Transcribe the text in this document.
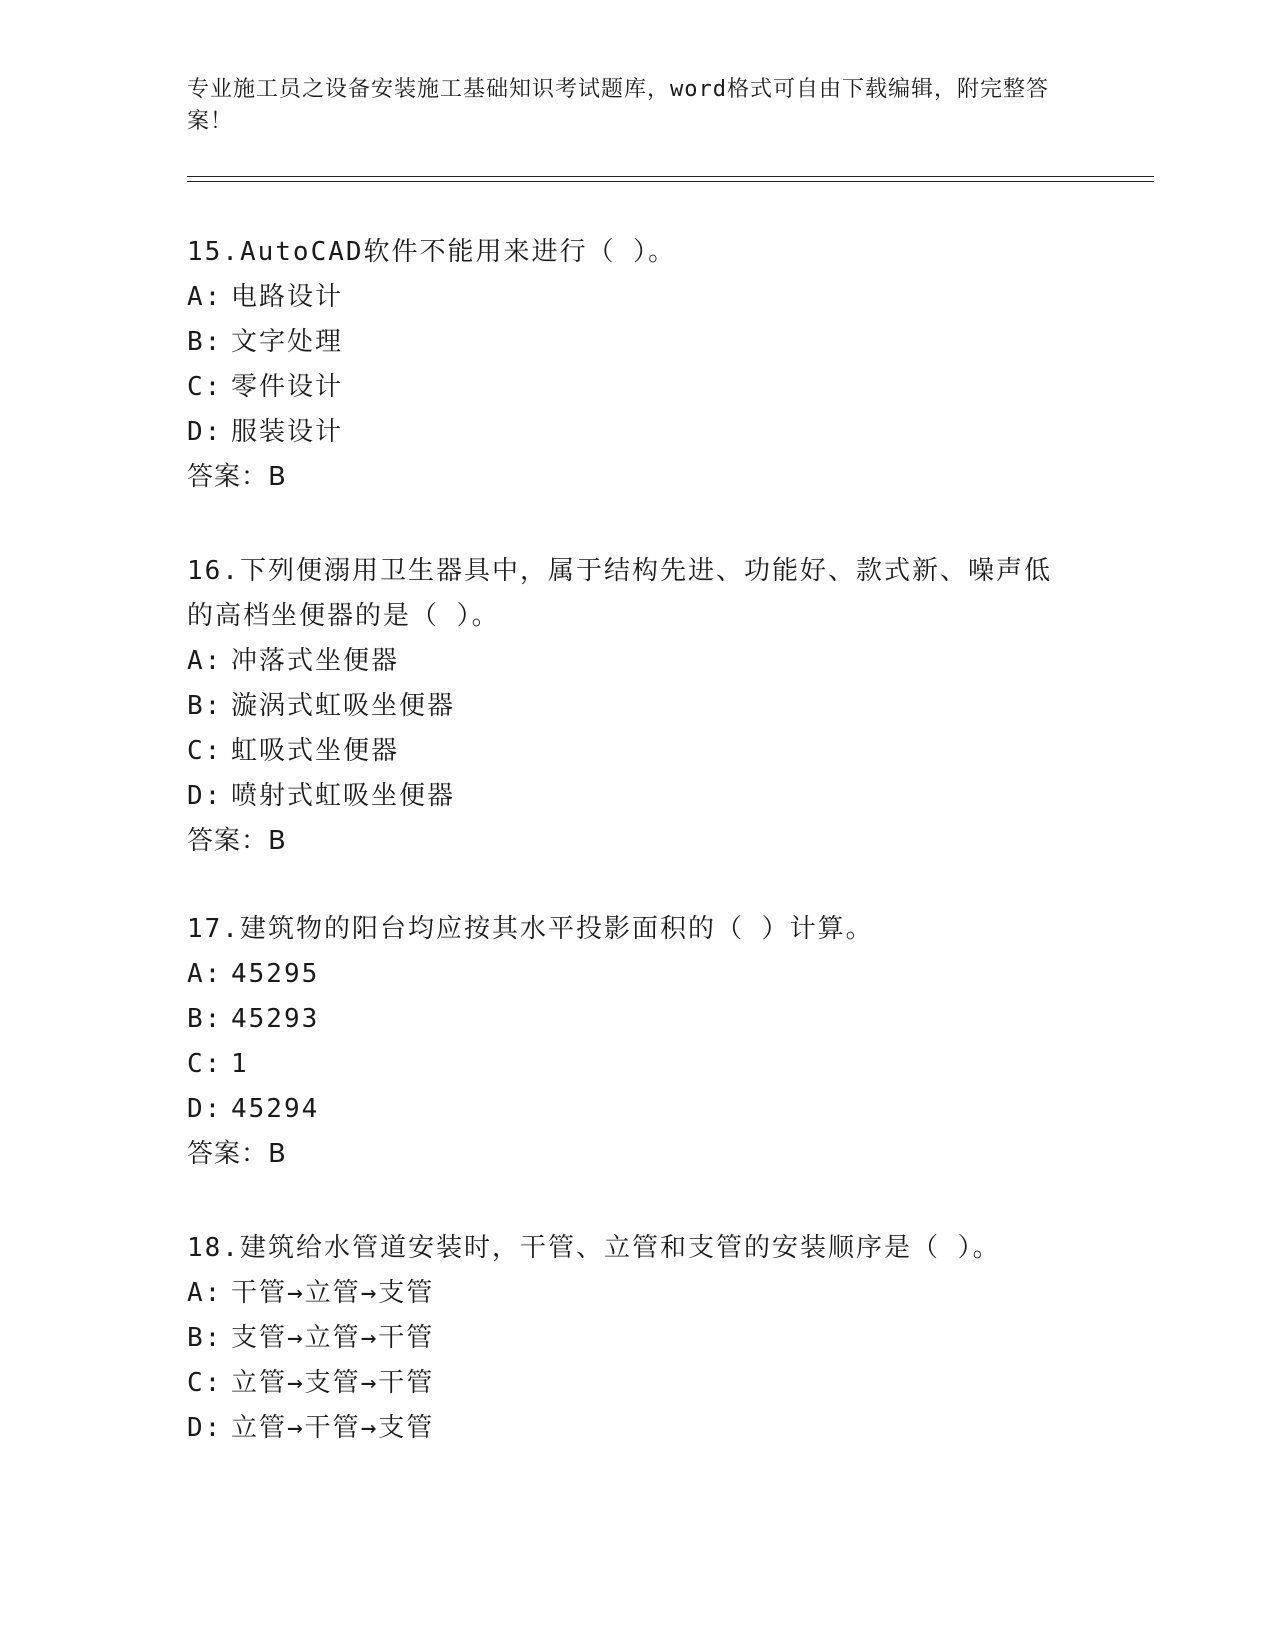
专业施工员之设备安装施工基础知识考试题库，word格式可自由下载编辑，附完整答案！
15.AutoCAD软件不能用来进行（ ）。
A: 电路设计
B: 文字处理
C: 零件设计
D: 服装设计
答案：B
16.下列便溺用卫生器具中，属于结构先进、功能好、款式新、噪声低的高档坐便器的是（ ）。
A: 冲落式坐便器
B: 漩涡式虹吸坐便器
C: 虹吸式坐便器
D: 喷射式虹吸坐便器
答案：B
17.建筑物的阳台均应按其水平投影面积的（ ）计算。
A: 45295
B: 45293
C: 1
D: 45294
答案：B
18.建筑给水管道安装时，干管、立管和支管的安装顺序是（ ）。
A: 干管→立管→支管
B: 支管→立管→干管
C: 立管→支管→干管
D: 立管→干管→支管
